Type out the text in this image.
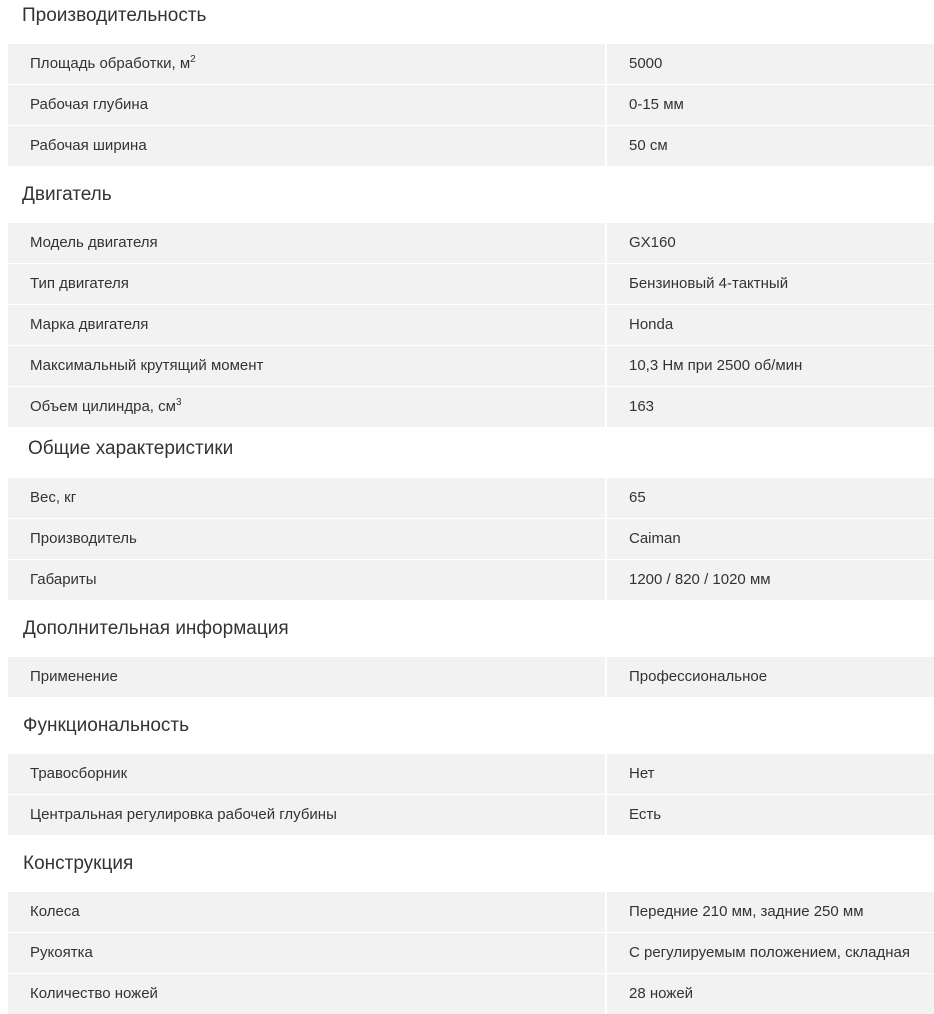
Производительность
Площадь обработки, $м^2$	5000
Рабочая глубина	0-15 мм
Рабочая ширина	50 см
Двигатель
Модель двигателя	GX160
Тип двигателя	Бензиновый 4-тактный
Марка двигателя	Honda
Максимальный крутящий момент	10,3 Нм при 2500 об/мин
Объем цилиндра, $см^3$	163
Общие характеристики
Вес, кг	65
Производитель	Caiman
Габариты	1200 / 820 / 1020 мм
Дополнительная информация
Применение	Профессиональное
Функциональность
Травосборник	Нет
Центральная регулировка рабочей глубины	Есть
Конструкция
Колеса	Передние 210 мм, задние 250 мм
Рукоятка	С регулируемым положением, складная
Количество ножей	28 ножей
